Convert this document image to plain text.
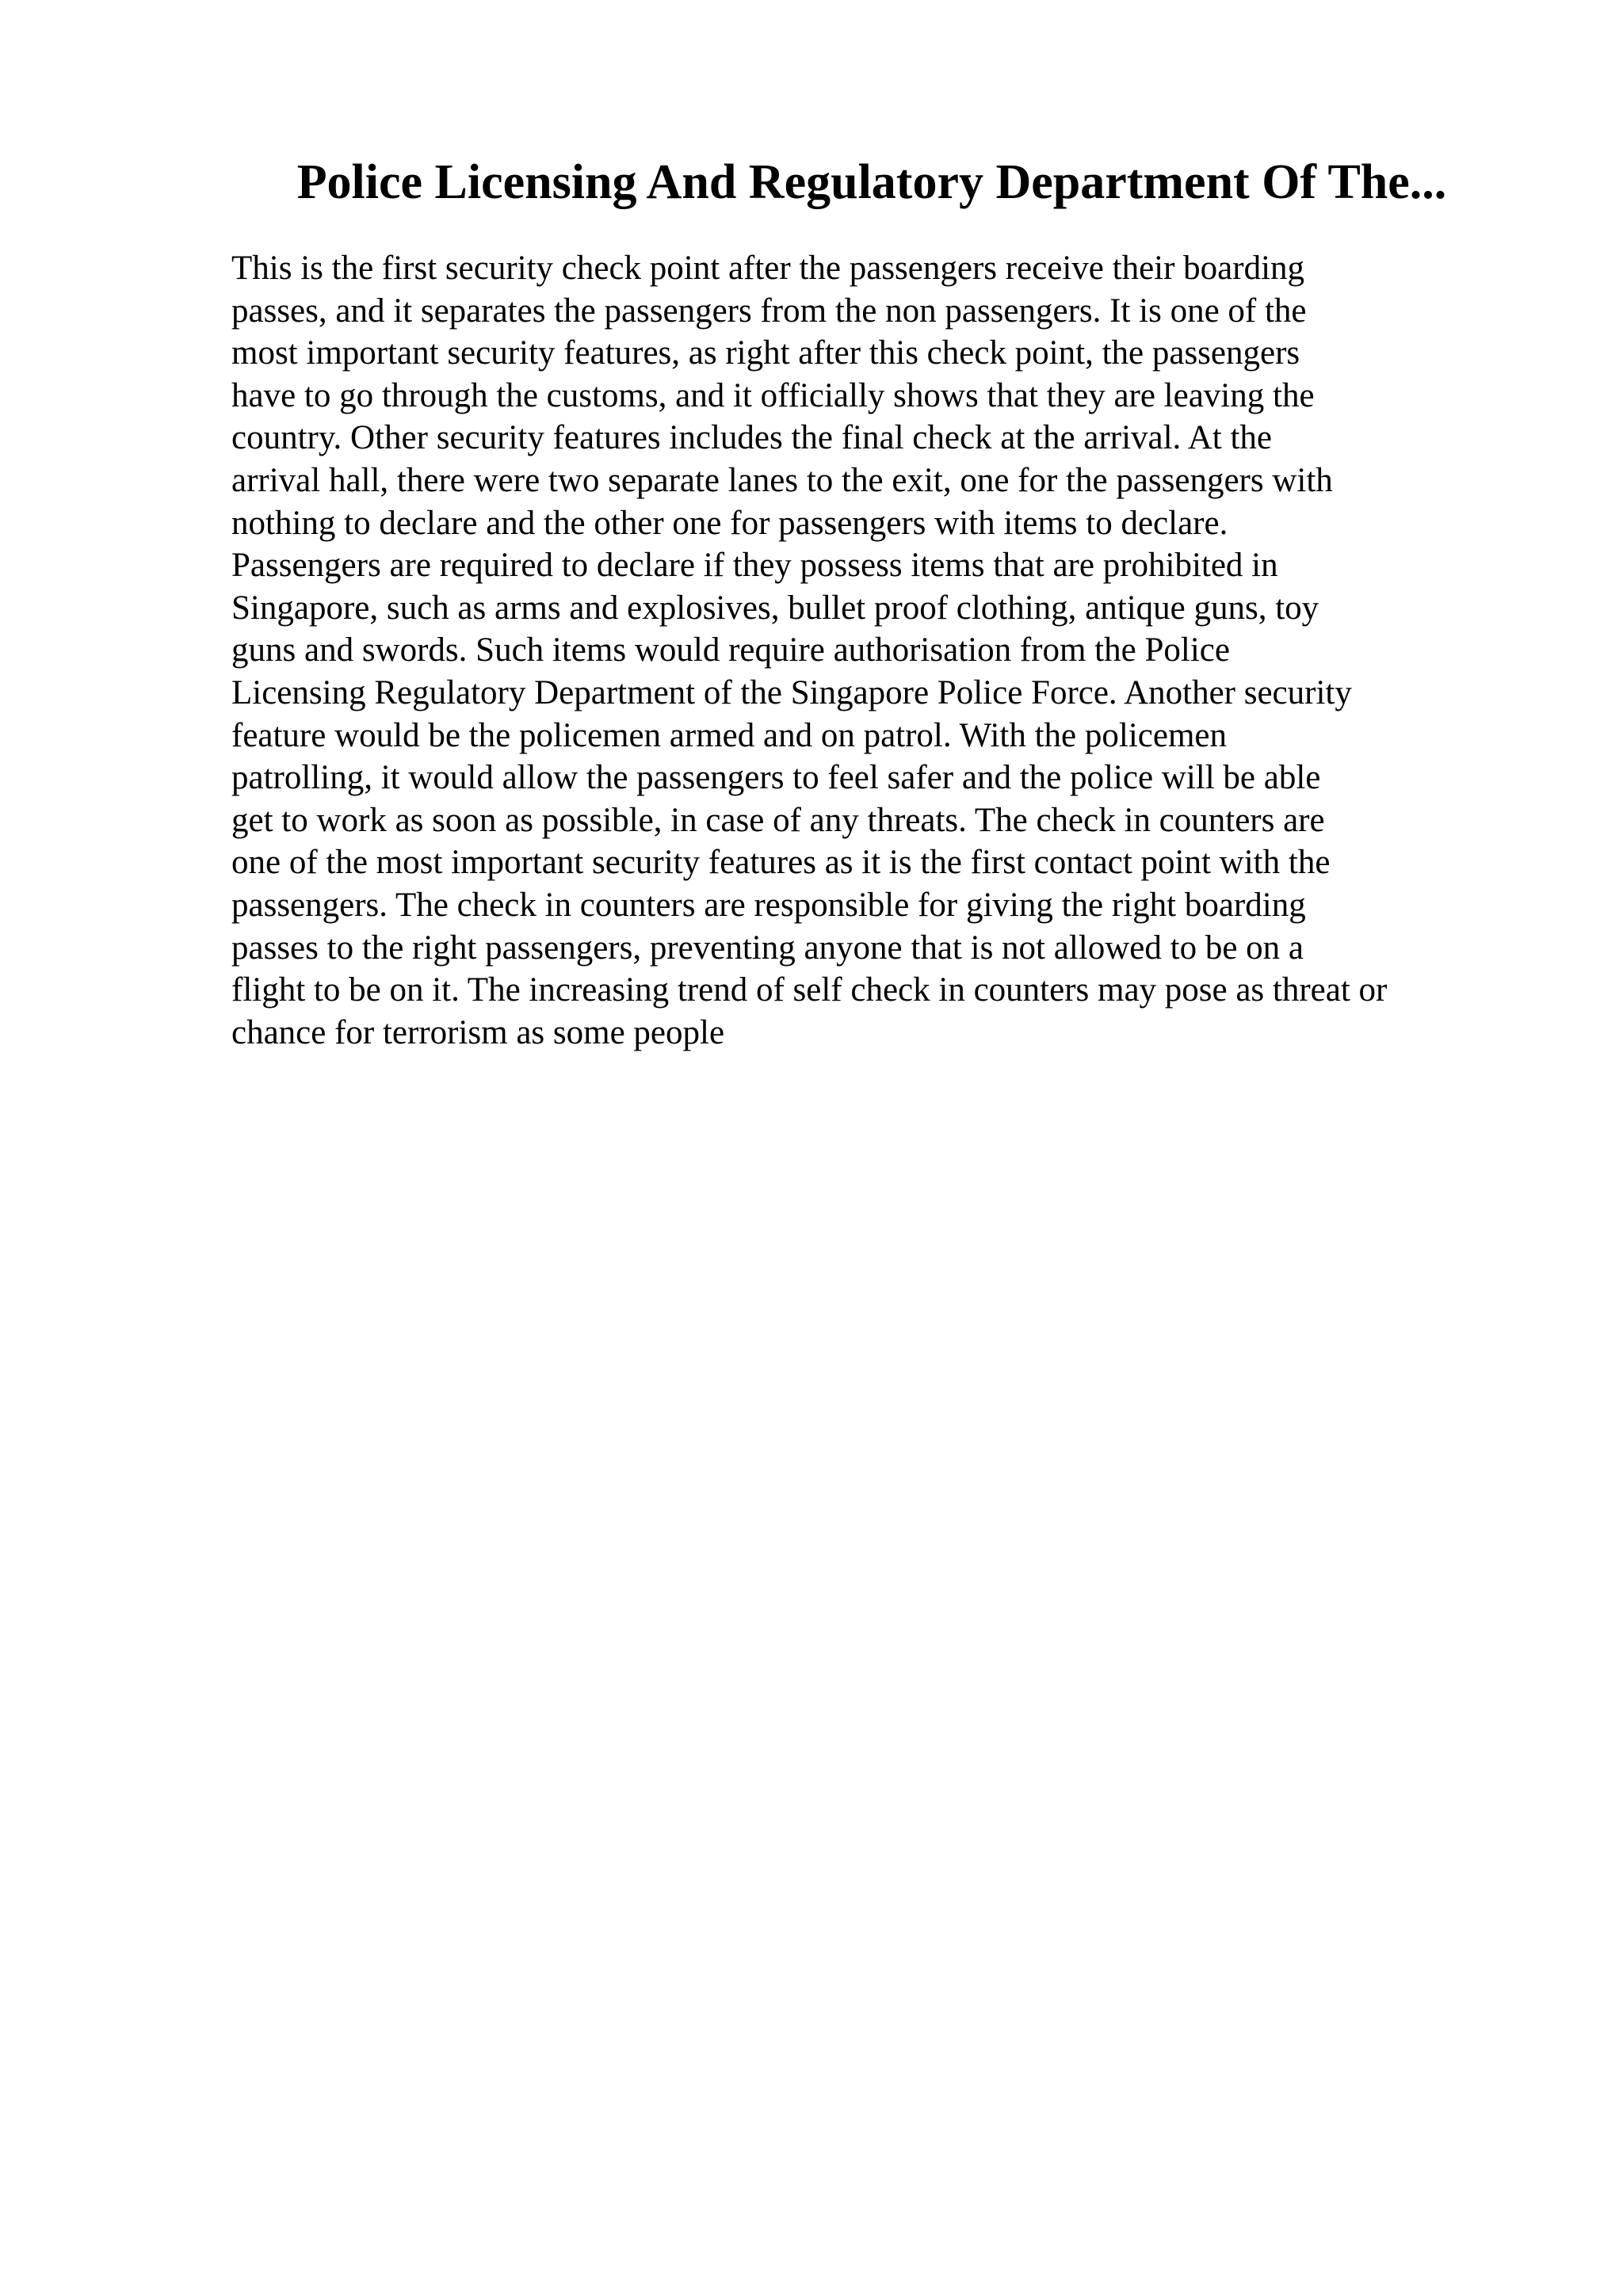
Police Licensing And Regulatory Department Of The...
This is the first security check point after the passengers receive their boarding
passes, and it separates the passengers from the non passengers. It is one of the
most important security features, as right after this check point, the passengers
have to go through the customs, and it officially shows that they are leaving the
country. Other security features includes the final check at the arrival. At the
arrival hall, there were two separate lanes to the exit, one for the passengers with
nothing to declare and the other one for passengers with items to declare.
Passengers are required to declare if they possess items that are prohibited in
Singapore, such as arms and explosives, bullet proof clothing, antique guns, toy
guns and swords. Such items would require authorisation from the Police
Licensing Regulatory Department of the Singapore Police Force. Another security
feature would be the policemen armed and on patrol. With the policemen
patrolling, it would allow the passengers to feel safer and the police will be able
get to work as soon as possible, in case of any threats. The check in counters are
one of the most important security features as it is the first contact point with the
passengers. The check in counters are responsible for giving the right boarding
passes to the right passengers, preventing anyone that is not allowed to be on a
flight to be on it. The increasing trend of self check in counters may pose as threat or
chance for terrorism as some people
